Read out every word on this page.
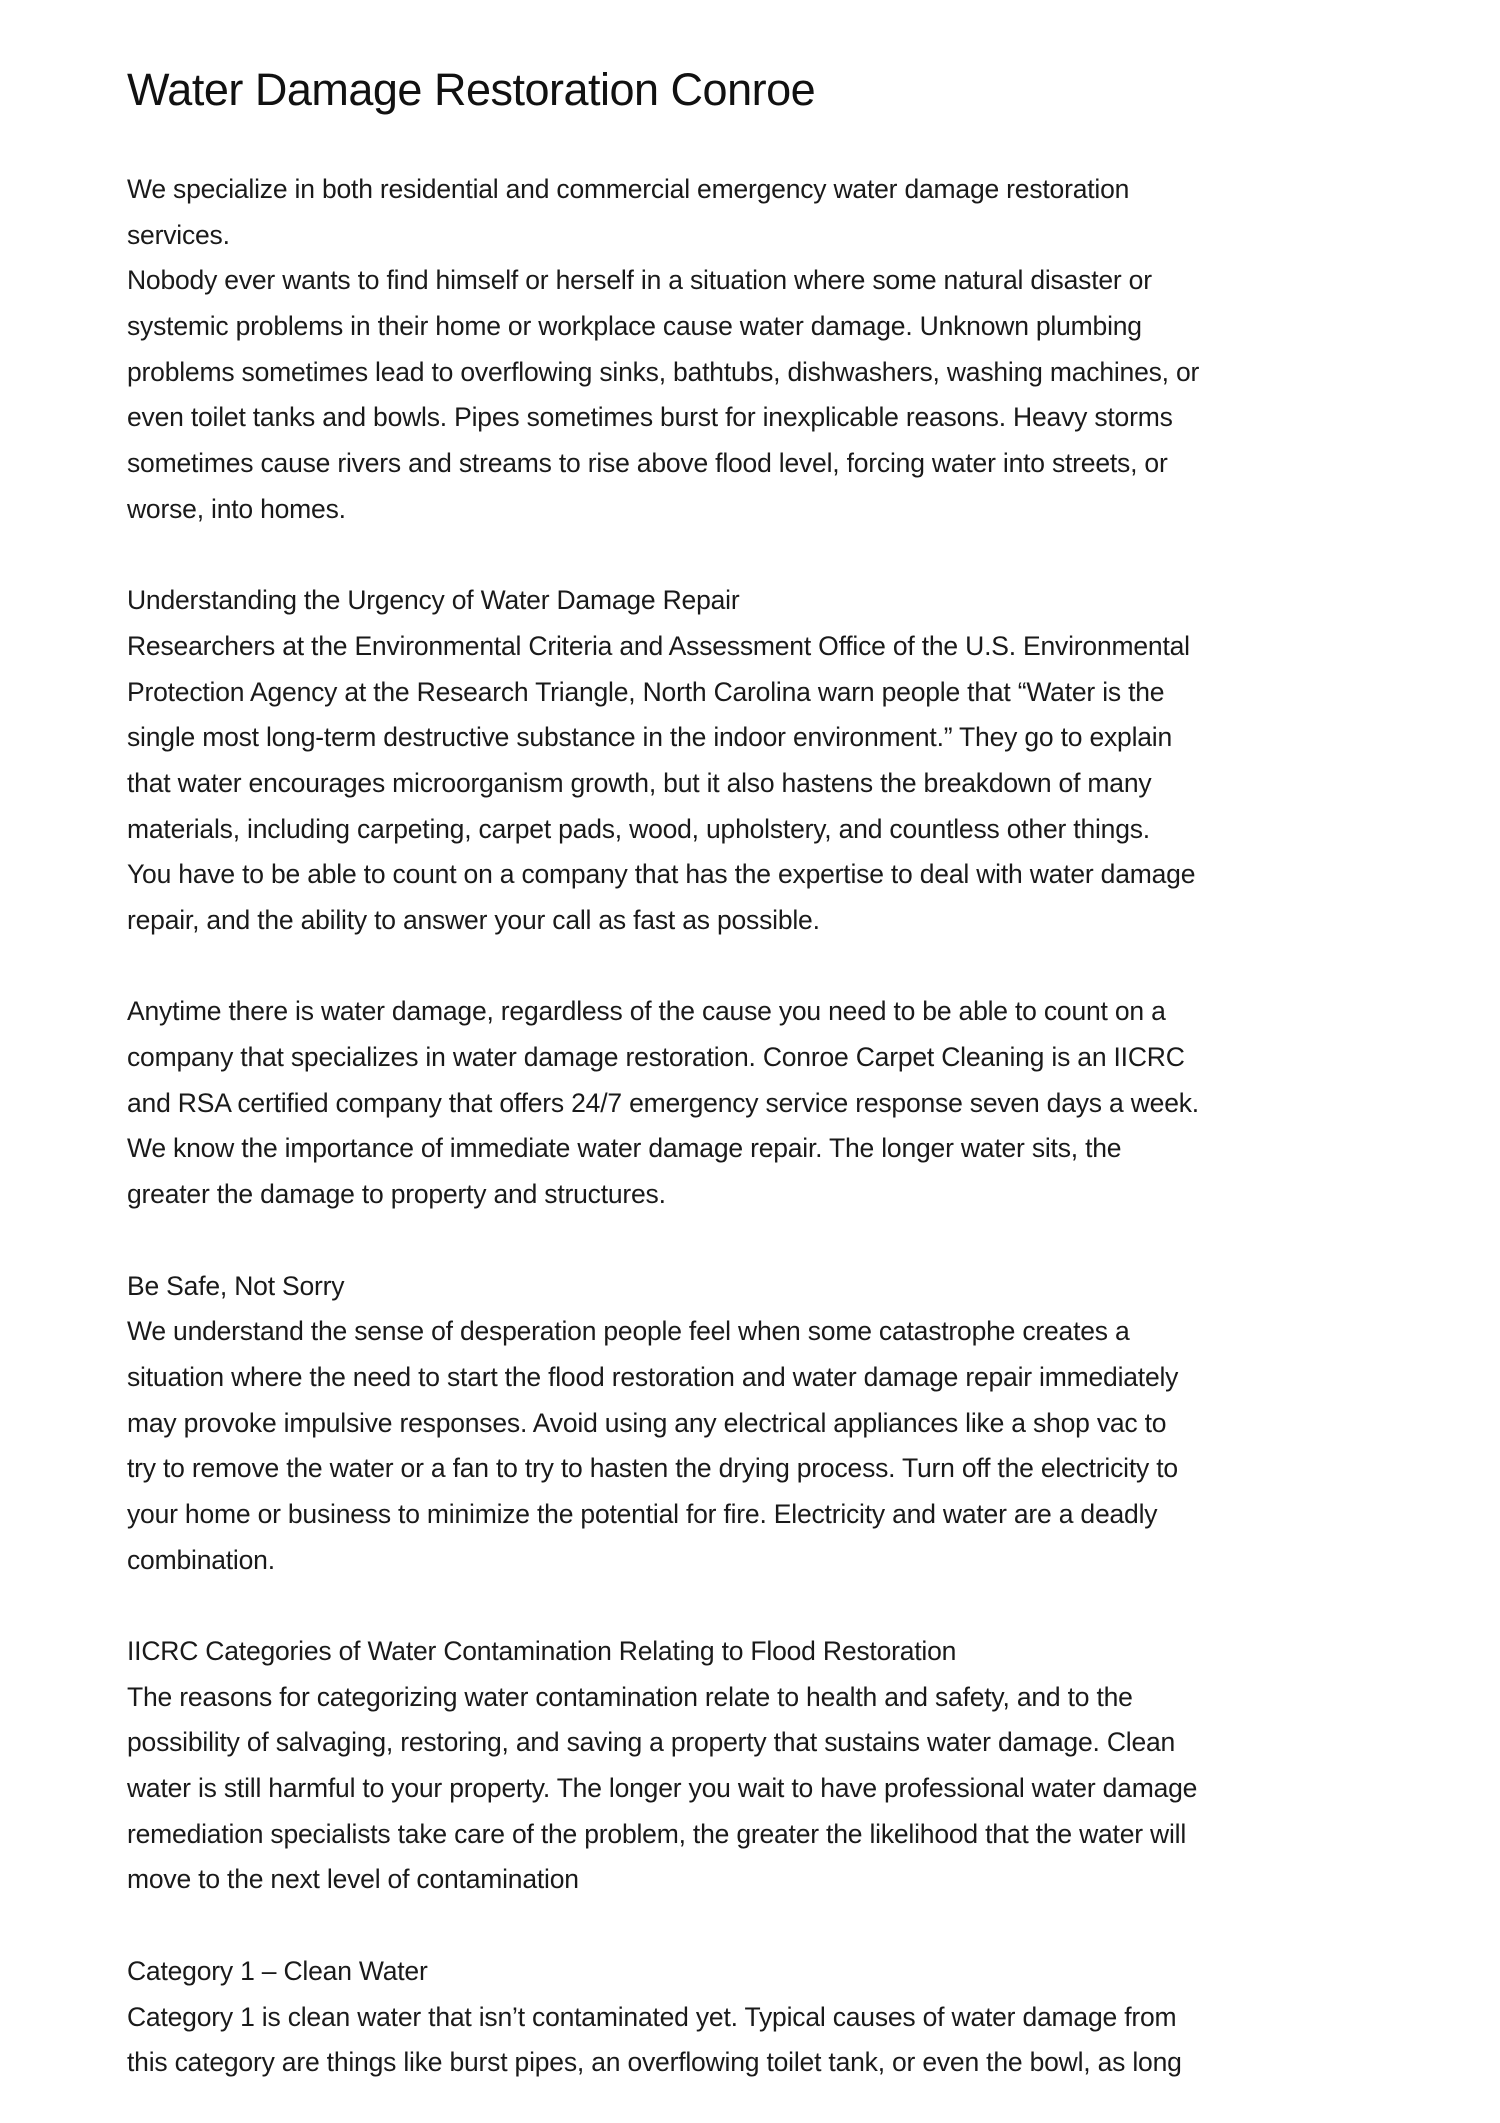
Water Damage Restoration Conroe
We specialize in both residential and commercial emergency water damage restoration
services.
Nobody ever wants to find himself or herself in a situation where some natural disaster or
systemic problems in their home or workplace cause water damage. Unknown plumbing
problems sometimes lead to overflowing sinks, bathtubs, dishwashers, washing machines, or
even toilet tanks and bowls. Pipes sometimes burst for inexplicable reasons. Heavy storms
sometimes cause rivers and streams to rise above flood level, forcing water into streets, or
worse, into homes.
Understanding the Urgency of Water Damage Repair
Researchers at the Environmental Criteria and Assessment Office of the U.S. Environmental
Protection Agency at the Research Triangle, North Carolina warn people that “Water is the
single most long-term destructive substance in the indoor environment.” They go to explain
that water encourages microorganism growth, but it also hastens the breakdown of many
materials, including carpeting, carpet pads, wood, upholstery, and countless other things.
You have to be able to count on a company that has the expertise to deal with water damage
repair, and the ability to answer your call as fast as possible.
Anytime there is water damage, regardless of the cause you need to be able to count on a
company that specializes in water damage restoration. Conroe Carpet Cleaning is an IICRC
and RSA certified company that offers 24/7 emergency service response seven days a week.
We know the importance of immediate water damage repair. The longer water sits, the
greater the damage to property and structures.
Be Safe, Not Sorry
We understand the sense of desperation people feel when some catastrophe creates a
situation where the need to start the flood restoration and water damage repair immediately
may provoke impulsive responses. Avoid using any electrical appliances like a shop vac to
try to remove the water or a fan to try to hasten the drying process. Turn off the electricity to
your home or business to minimize the potential for fire. Electricity and water are a deadly
combination.
IICRC Categories of Water Contamination Relating to Flood Restoration
The reasons for categorizing water contamination relate to health and safety, and to the
possibility of salvaging, restoring, and saving a property that sustains water damage. Clean
water is still harmful to your property. The longer you wait to have professional water damage
remediation specialists take care of the problem, the greater the likelihood that the water will
move to the next level of contamination
Category 1 – Clean Water
Category 1 is clean water that isn’t contaminated yet. Typical causes of water damage from
this category are things like burst pipes, an overflowing toilet tank, or even the bowl, as long
